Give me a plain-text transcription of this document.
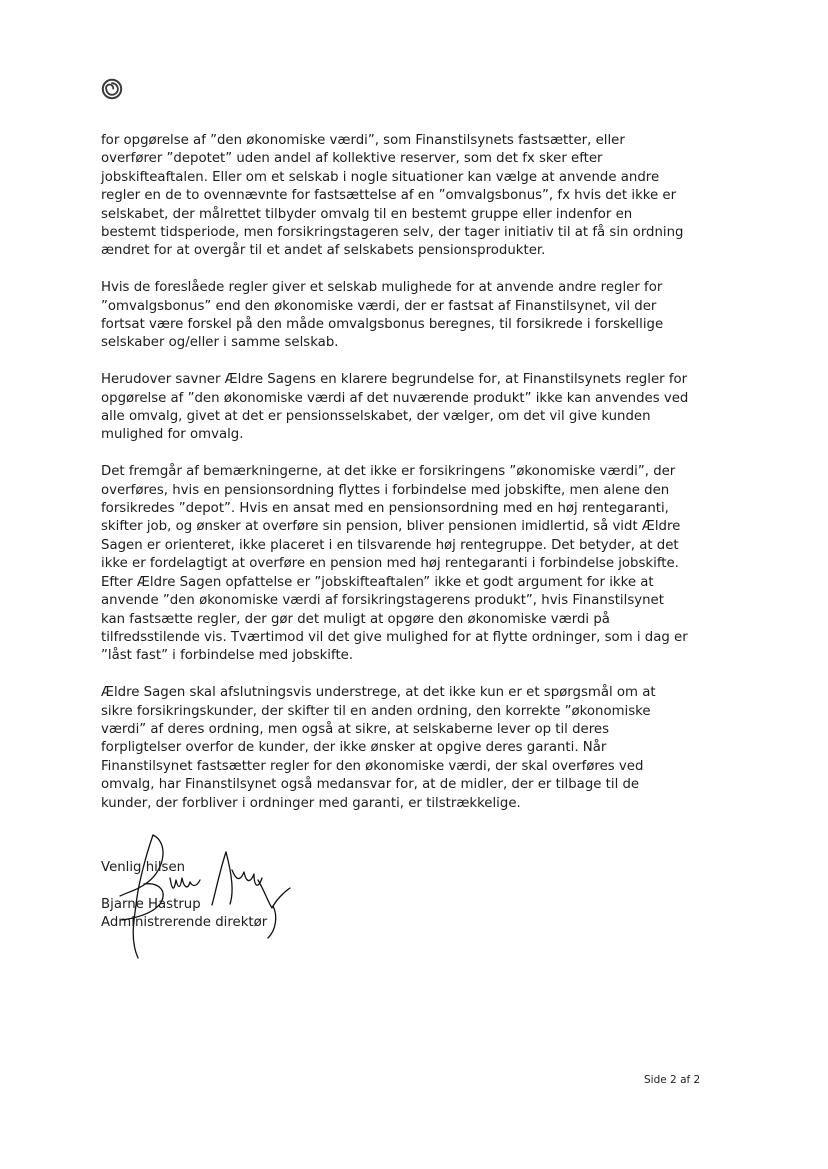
for opgørelse af ”den økonomiske værdi”, som Finanstilsynets fastsætter, eller
overfører ”depotet” uden andel af kollektive reserver, som det fx sker efter
jobskifteaftalen. Eller om et selskab i nogle situationer kan vælge at anvende andre
regler en de to ovennævnte for fastsættelse af en ”omvalgsbonus”, fx hvis det ikke er
selskabet, der målrettet tilbyder omvalg til en bestemt gruppe eller indenfor en
bestemt tidsperiode, men forsikringstageren selv, der tager initiativ til at få sin ordning
ændret for at overgår til et andet af selskabets pensionsprodukter.

Hvis de foreslåede regler giver et selskab mulighede for at anvende andre regler for
”omvalgsbonus” end den økonomiske værdi, der er fastsat af Finanstilsynet, vil der
fortsat være forskel på den måde omvalgsbonus beregnes, til forsikrede i forskellige
selskaber og/eller i samme selskab.

Herudover savner Ældre Sagens en klarere begrundelse for, at Finanstilsynets regler for
opgørelse af ”den økonomiske værdi af det nuværende produkt” ikke kan anvendes ved
alle omvalg, givet at det er pensionsselskabet, der vælger, om det vil give kunden
mulighed for omvalg.

Det fremgår af bemærkningerne, at det ikke er forsikringens ”økonomiske værdi”, der
overføres, hvis en pensionsordning flyttes i forbindelse med jobskifte, men alene den
forsikredes ”depot”. Hvis en ansat med en pensionsordning med en høj rentegaranti,
skifter job, og ønsker at overføre sin pension, bliver pensionen imidlertid, så vidt Ældre
Sagen er orienteret, ikke placeret i en tilsvarende høj rentegruppe. Det betyder, at det
ikke er fordelagtigt at overføre en pension med høj rentegaranti i forbindelse jobskifte.
Efter Ældre Sagen opfattelse er ”jobskifteaftalen” ikke et godt argument for ikke at
anvende ”den økonomiske værdi af forsikringstagerens produkt”, hvis Finanstilsynet
kan fastsætte regler, der gør det muligt at opgøre den økonomiske værdi på
tilfredsstilende vis. Tværtimod vil det give mulighed for at flytte ordninger, som i dag er
”låst fast” i forbindelse med jobskifte.

Ældre Sagen skal afslutningsvis understrege, at det ikke kun er et spørgsmål om at
sikre forsikringskunder, der skifter til en anden ordning, den korrekte ”økonomiske
værdi” af deres ordning, men også at sikre, at selskaberne lever op til deres
forpligtelser overfor de kunder, der ikke ønsker at opgive deres garanti. Når
Finanstilsynet fastsætter regler for den økonomiske værdi, der skal overføres ved
omvalg, har Finanstilsynet også medansvar for, at de midler, der er tilbage til de
kunder, der forbliver i ordninger med garanti, er tilstrækkelige.

Venlig hilsen

Bjarne Hastrup
Administrerende direktør
Side 2 af 2
